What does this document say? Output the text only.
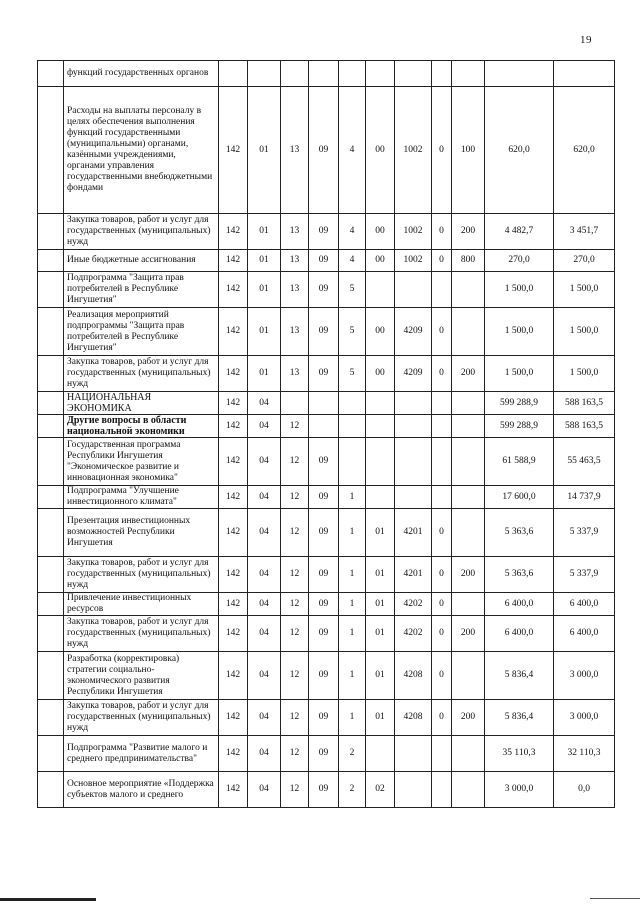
19
	функций государственных органов											
	Расходы на выплаты персоналу в целях обеспечения выполнения функций государственными (муниципальными) органами, казёнными учреждениями, органами управления государственными внебюджетными фондами	142	01	13	09	4	00	1002	0	100	620,0	620,0
	Закупка товаров, работ и услуг для государственных (муниципальных) нужд	142	01	13	09	4	00	1002	0	200	4 482,7	3 451,7
	Иные бюджетные ассигнования	142	01	13	09	4	00	1002	0	800	270,0	270,0
	Подпрограмма "Защита прав потребителей в Республике Ингушетия"	142	01	13	09	5					1 500,0	1 500,0
	Реализация мероприятий подпрограммы "Защита прав потребителей в Республике Ингушетия"	142	01	13	09	5	00	4209	0		1 500,0	1 500,0
	Закупка товаров, работ и услуг для государственных (муниципальных) нужд	142	01	13	09	5	00	4209	0	200	1 500,0	1 500,0
	НАЦИОНАЛЬНАЯ ЭКОНОМИКА	142	04								599 288,9	588 163,5
	Другие вопросы в области национальной экономики	142	04	12							599 288,9	588 163,5
	Государственная программа Республики Ингушетия "Экономическое развитие и инновационная экономика"	142	04	12	09						61 588,9	55 463,5
	Подпрограмма "Улучшение инвестиционного климата"	142	04	12	09	1					17 600,0	14 737,9
	Презентация инвестиционных возможностей Республики Ингушетия	142	04	12	09	1	01	4201	0		5 363,6	5 337,9
	Закупка товаров, работ и услуг для государственных (муниципальных) нужд	142	04	12	09	1	01	4201	0	200	5 363,6	5 337,9
	Привлечение инвестиционных ресурсов	142	04	12	09	1	01	4202	0		6 400,0	6 400,0
	Закупка товаров, работ и услуг для государственных (муниципальных) нужд	142	04	12	09	1	01	4202	0	200	6 400,0	6 400,0
	Разработка (корректировка) стратегии социально-экономического развития Республики Ингушетия	142	04	12	09	1	01	4208	0		5 836,4	3 000,0
	Закупка товаров, работ и услуг для государственных (муниципальных) нужд	142	04	12	09	1	01	4208	0	200	5 836,4	3 000,0
	Подпрограмма "Развитие малого и среднего предпринимательства"	142	04	12	09	2					35 110,3	32 110,3
	Основное мероприятие «Поддержка субъектов малого и среднего	142	04	12	09	2	02				3 000,0	0,0
